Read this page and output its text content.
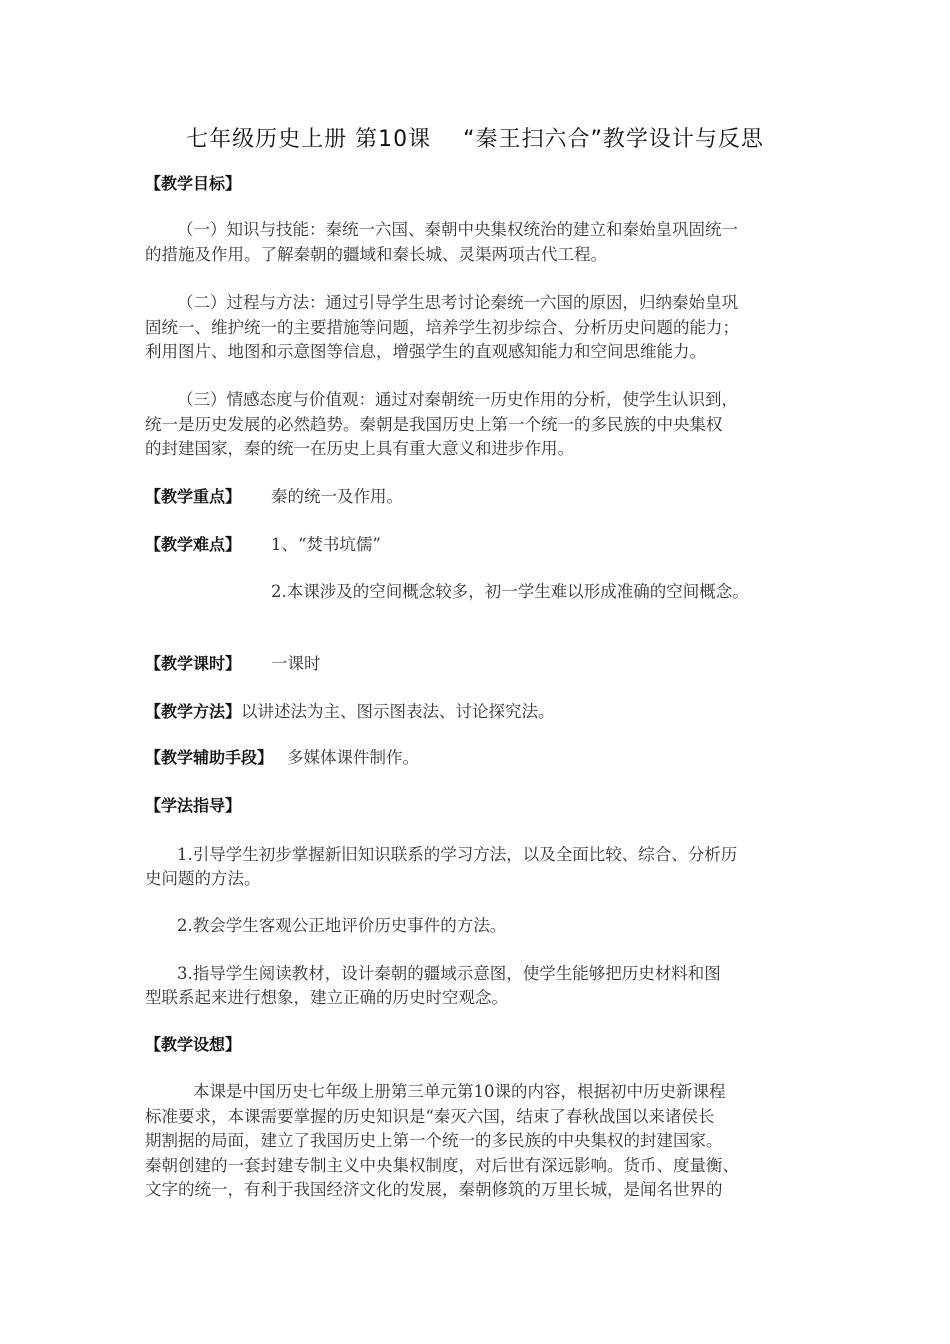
七年级历史上册 第10课    “秦王扫六合”教学设计与反思
【教学目标】
（一）知识与技能：秦统一六国、秦朝中央集权统治的建立和秦始皇巩固统一
的措施及作用。了解秦朝的疆域和秦长城、灵渠两项古代工程。
（二）过程与方法：通过引导学生思考讨论秦统一六国的原因，归纳秦始皇巩
固统一、维护统一的主要措施等问题，培养学生初步综合、分析历史问题的能力；
利用图片、地图和示意图等信息，增强学生的直观感知能力和空间思维能力。
（三）情感态度与价值观：通过对秦朝统一历史作用的分析，使学生认识到，
统一是历史发展的必然趋势。秦朝是我国历史上第一个统一的多民族的中央集权
的封建国家，秦的统一在历史上具有重大意义和进步作用。
【教学重点】 秦的统一及作用。
【教学难点】 1、“焚书坑儒”
2.本课涉及的空间概念较多，初一学生难以形成准确的空间概念。
【教学课时】 一课时
【教学方法】以讲述法为主、图示图表法、讨论探究法。
【教学辅助手段】 多媒体课件制作。
【学法指导】
1.引导学生初步掌握新旧知识联系的学习方法，以及全面比较、综合、分析历
史问题的方法。
2.教会学生客观公正地评价历史事件的方法。
3.指导学生阅读教材，设计秦朝的疆域示意图，使学生能够把历史材料和图
型联系起来进行想象，建立正确的历史时空观念。
【教学设想】
本课是中国历史七年级上册第三单元第10课的内容，根据初中历史新课程
标准要求，本课需要掌握的历史知识是“秦灭六国，结束了春秋战国以来诸侯长
期割据的局面，建立了我国历史上第一个统一的多民族的中央集权的封建国家。
秦朝创建的一套封建专制主义中央集权制度，对后世有深远影响。货币、度量衡、
文字的统一，有利于我国经济文化的发展，秦朝修筑的万里长城，是闻名世界的
